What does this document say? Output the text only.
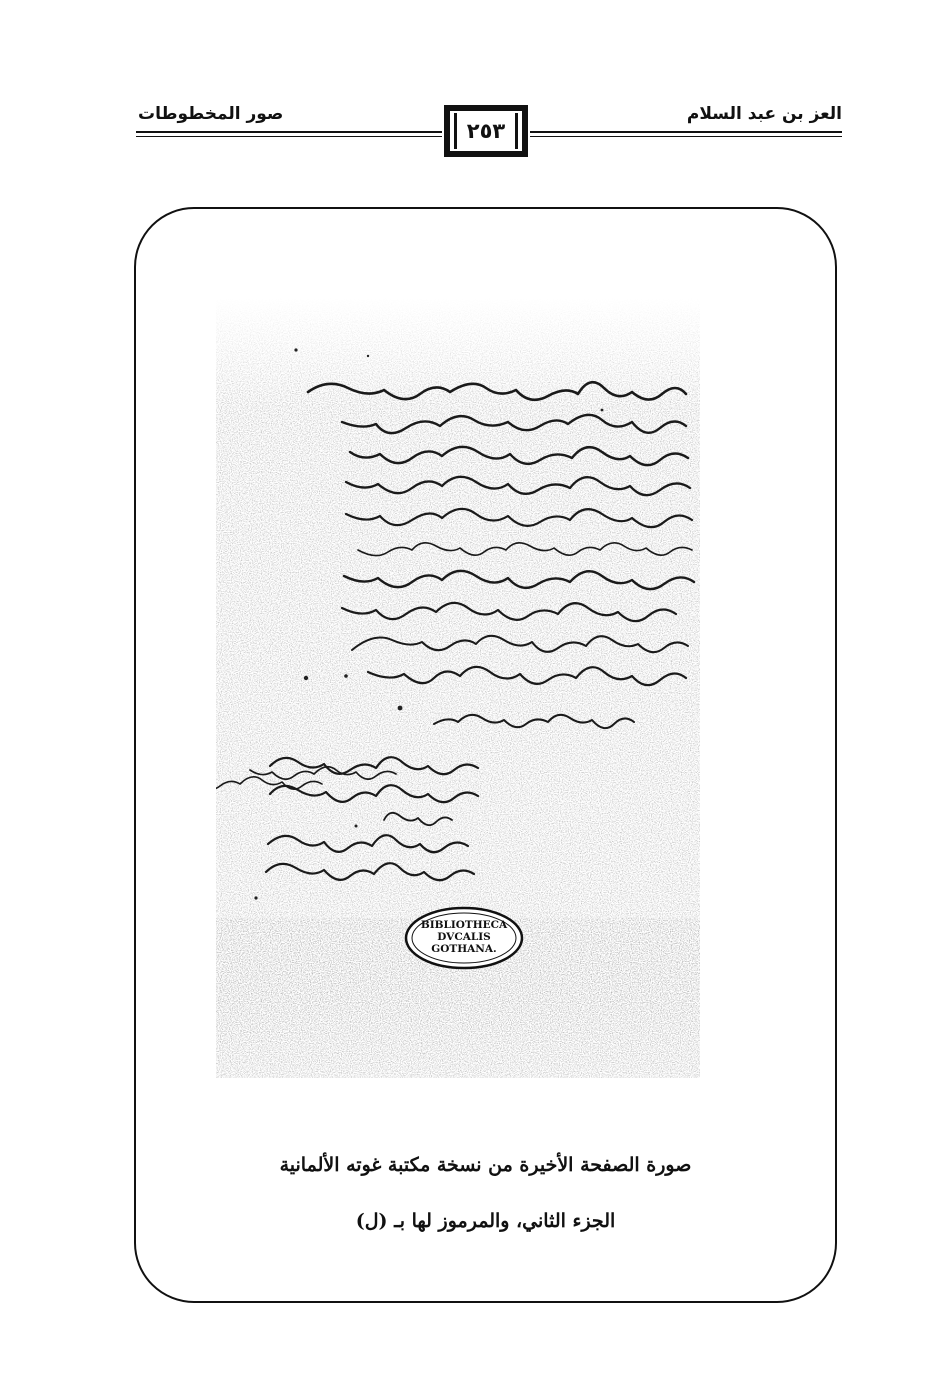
العز بن عبد السلام
صور المخطوطات
٢٥٣
BIBLIOTHECA
DVCALIS
GOTHANA.
صورة الصفحة الأخيرة من نسخة مكتبة غوته الألمانية
الجزء الثاني، والمرموز لها بـ (ل)
